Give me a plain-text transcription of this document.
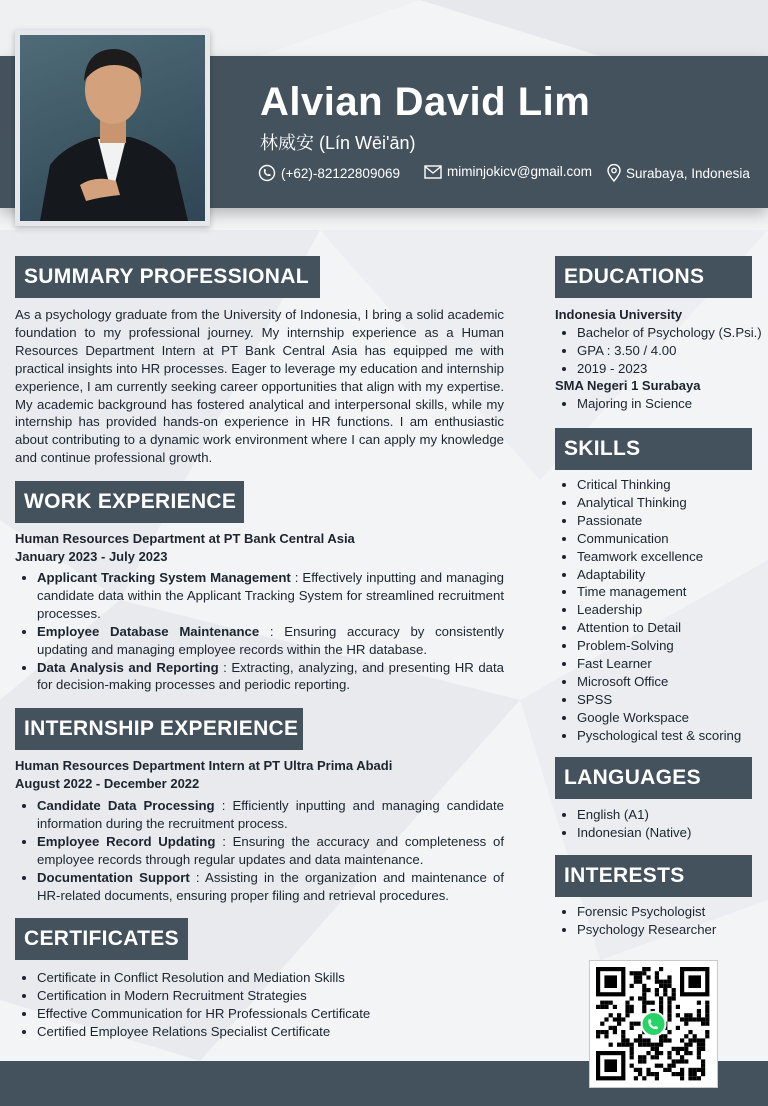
Alvian David Lim
林威安 (Lín Wēi'ān)
(+62)-82122809069	miminjokicv@gmail.com	Surabaya, Indonesia
SUMMARY PROFESSIONAL
As a psychology graduate from the University of Indonesia, I bring a solid academic foundation to my professional journey. My internship experience as a Human Resources Department Intern at PT Bank Central Asia has equipped me with practical insights into HR processes. Eager to leverage my education and internship experience, I am currently seeking career opportunities that align with my expertise. My academic background has fostered analytical and interpersonal skills, while my internship has provided hands-on experience in HR functions. I am enthusiastic about contributing to a dynamic work environment where I can apply my knowledge and continue professional growth.
WORK EXPERIENCE
Human Resources Department at PT Bank Central Asia
January 2023 - July 2023
• Applicant Tracking System Management : Effectively inputting and managing candidate data within the Applicant Tracking System for streamlined recruitment processes.
• Employee Database Maintenance : Ensuring accuracy by consistently updating and managing employee records within the HR database.
• Data Analysis and Reporting : Extracting, analyzing, and presenting HR data for decision-making processes and periodic reporting.
INTERNSHIP EXPERIENCE
Human Resources Department Intern at PT Ultra Prima Abadi
August 2022 - December 2022
• Candidate Data Processing : Efficiently inputting and managing candidate information during the recruitment process.
• Employee Record Updating : Ensuring the accuracy and completeness of employee records through regular updates and data maintenance.
• Documentation Support : Assisting in the organization and maintenance of HR-related documents, ensuring proper filing and retrieval procedures.
CERTIFICATES
• Certificate in Conflict Resolution and Mediation Skills
• Certification in Modern Recruitment Strategies
• Effective Communication for HR Professionals Certificate
• Certified Employee Relations Specialist Certificate
EDUCATIONS
Indonesia University
• Bachelor of Psychology (S.Psi.)
• GPA : 3.50 / 4.00
• 2019 - 2023
SMA Negeri 1 Surabaya
• Majoring in Science
SKILLS
• Critical Thinking
• Analytical Thinking
• Passionate
• Communication
• Teamwork excellence
• Adaptability
• Time management
• Leadership
• Attention to Detail
• Problem-Solving
• Fast Learner
• Microsoft Office
• SPSS
• Google Workspace
• Pyschological test & scoring
LANGUAGES
• English (A1)
• Indonesian (Native)
INTERESTS
• Forensic Psychologist
• Psychology Researcher
